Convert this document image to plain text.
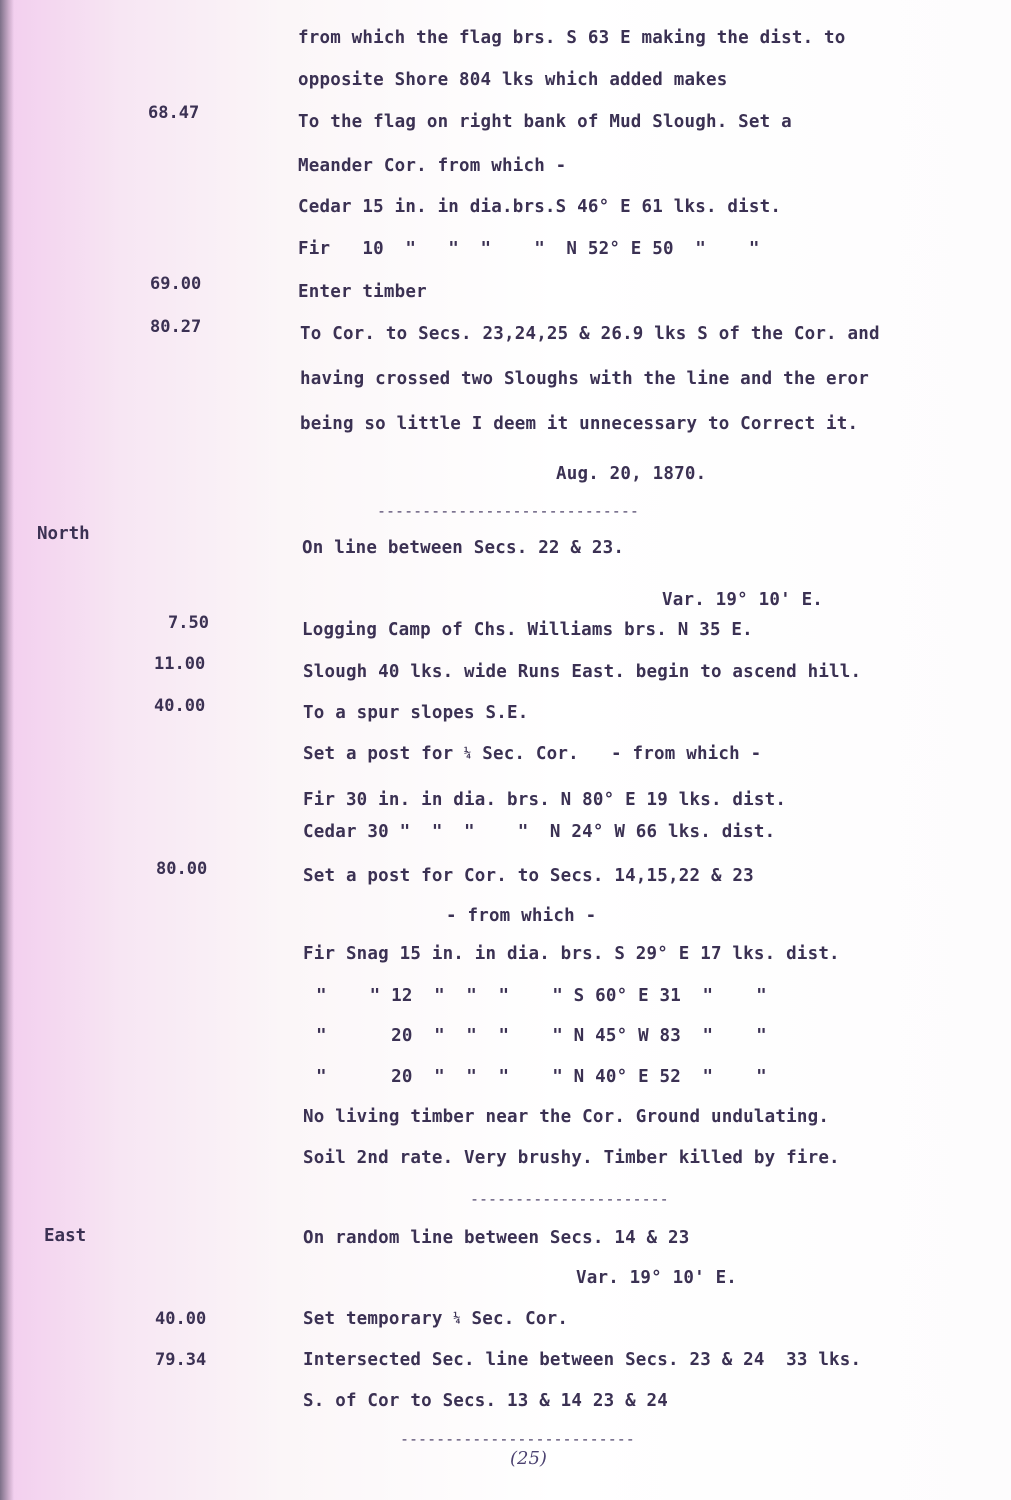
from which the flag brs. S 63 E making the dist. to
opposite Shore 804 lks which added makes
68.47	To the flag on right bank of Mud Slough. Set a
Meander Cor. from which -
Cedar 15 in. in dia.brs.S 46° E 61 lks. dist.
Fir   10  "   "  "    "  N 52° E 50  "    "
69.00	Enter timber
80.27	To Cor. to Secs. 23,24,25 & 26.9 lks S of the Cor. and
having crossed two Sloughs with the line and the eror
being so little I deem it unnecessary to Correct it.
Aug. 20, 1870.
-----------------------------
North
On line between Secs. 22 & 23.
Var. 19° 10' E.
7.50	Logging Camp of Chs. Williams brs. N 35 E.
11.00	Slough 40 lks. wide Runs East. begin to ascend hill.
40.00	To a spur slopes S.E.
Set a post for ¼ Sec. Cor.   - from which -
Fir 30 in. in dia. brs. N 80° E 19 lks. dist.
Cedar 30 "  "  "    "  N 24° W 66 lks. dist.
80.00	Set a post for Cor. to Secs. 14,15,22 & 23
- from which -
Fir Snag 15 in. in dia. brs. S 29° E 17 lks. dist.
"    " 12  "  "  "    " S 60° E 31  "    "
"      20  "  "  "    " N 45° W 83  "    "
"      20  "  "  "    " N 40° E 52  "    "
No living timber near the Cor. Ground undulating.
Soil 2nd rate. Very brushy. Timber killed by fire.
----------------------
East	On random line between Secs. 14 & 23
Var. 19° 10' E.
40.00	Set temporary ¼ Sec. Cor.
79.34	Intersected Sec. line between Secs. 23 & 24  33 lks.
S. of Cor to Secs. 13 & 14 23 & 24
--------------------------
(25)
